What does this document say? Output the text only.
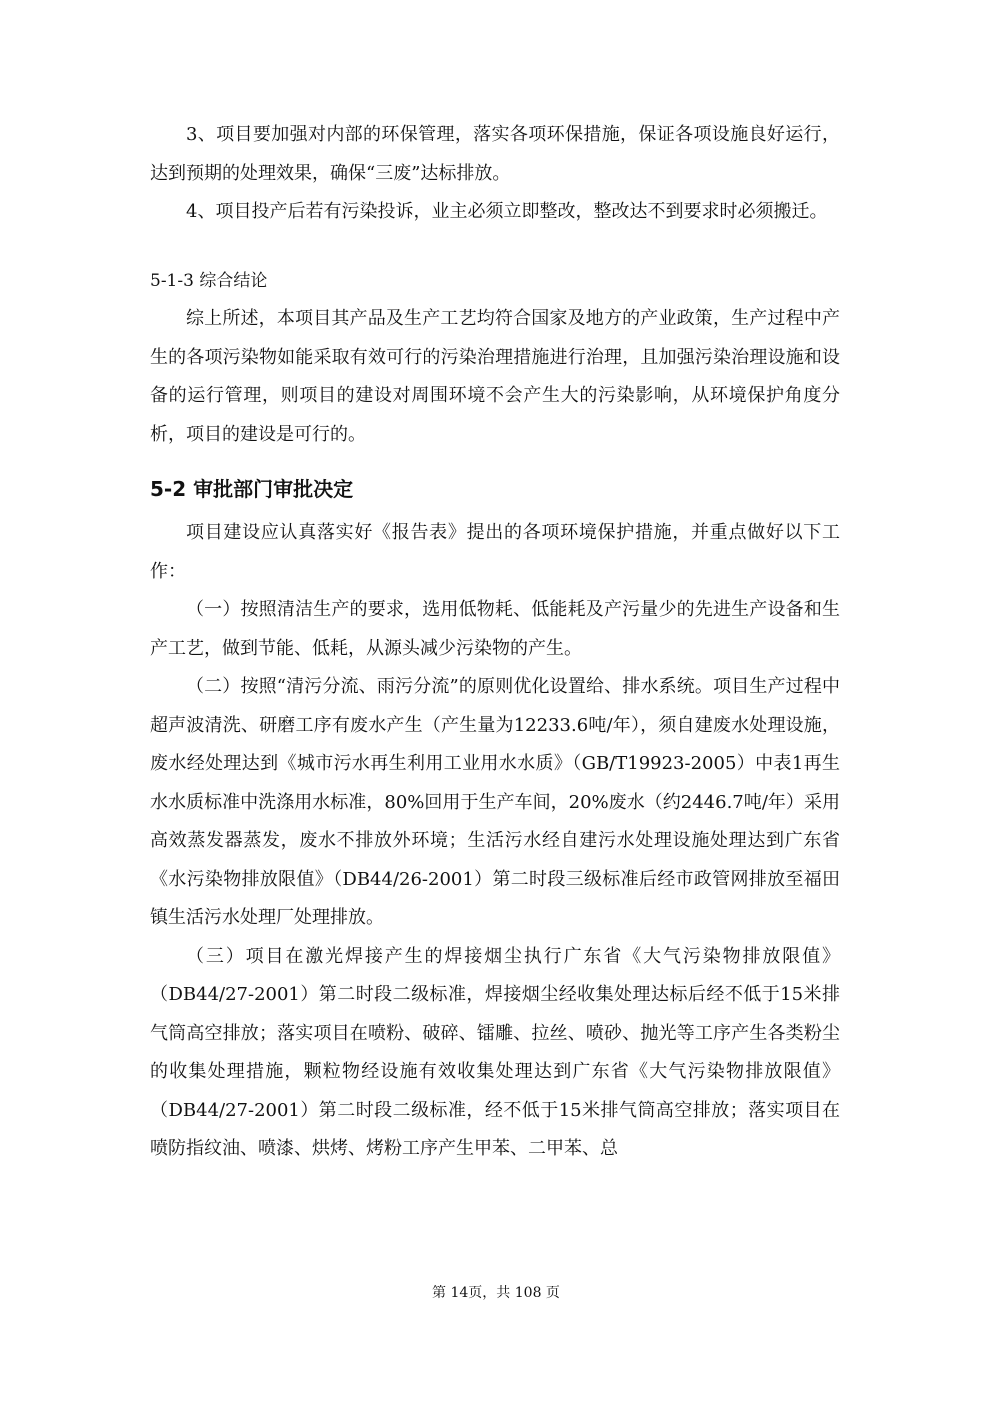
3、项目要加强对内部的环保管理，落实各项环保措施，保证各项设施良好运行，达到预期的处理效果，确保“三废”达标排放。

4、项目投产后若有污染投诉，业主必须立即整改，整改达不到要求时必须搬迁。

5-1-3 综合结论

综上所述，本项目其产品及生产工艺均符合国家及地方的产业政策，生产过程中产生的各项污染物如能采取有效可行的污染治理措施进行治理，且加强污染治理设施和设备的运行管理，则项目的建设对周围环境不会产生大的污染影响，从环境保护角度分析，项目的建设是可行的。

5-2 审批部门审批决定

项目建设应认真落实好《报告表》提出的各项环境保护措施，并重点做好以下工作：

（一）按照清洁生产的要求，选用低物耗、低能耗及产污量少的先进生产设备和生产工艺，做到节能、低耗，从源头减少污染物的产生。

（二）按照“清污分流、雨污分流”的原则优化设置给、排水系统。项目生产过程中超声波清洗、研磨工序有废水产生（产生量为12233.6吨/年），须自建废水处理设施，废水经处理达到《城市污水再生利用工业用水水质》（GB/T19923-2005）中表1再生水水质标准中洗涤用水标准，80%回用于生产车间，20%废水（约2446.7吨/年）采用高效蒸发器蒸发，废水不排放外环境；生活污水经自建污水处理设施处理达到广东省《水污染物排放限值》（DB44/26-2001）第二时段三级标准后经市政管网排放至福田镇生活污水处理厂处理排放。

（三）项目在激光焊接产生的焊接烟尘执行广东省《大气污染物排放限值》（DB44/27-2001）第二时段二级标准，焊接烟尘经收集处理达标后经不低于15米排气筒高空排放；落实项目在喷粉、破碎、镭雕、拉丝、喷砂、抛光等工序产生各类粉尘的收集处理措施，颗粒物经设施有效收集处理达到广东省《大气污染物排放限值》（DB44/27-2001）第二时段二级标准，经不低于15米排气筒高空排放；落实项目在喷防指纹油、喷漆、烘烤、烤粉工序产生甲苯、二甲苯、总

第 14页，共 108 页
